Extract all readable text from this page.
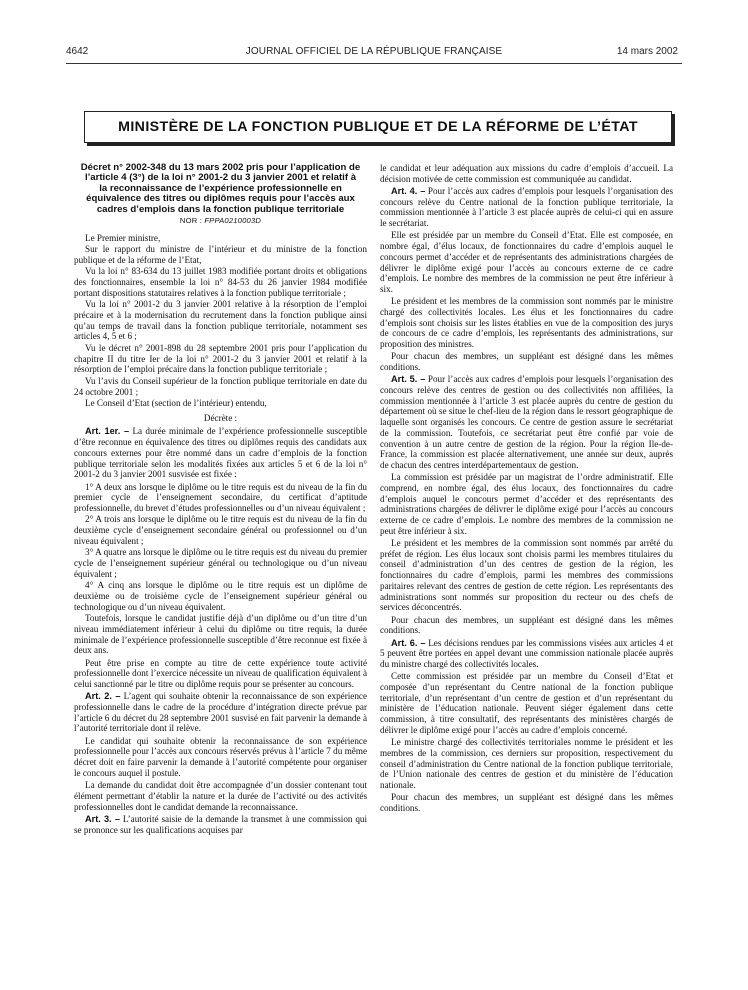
JOURNAL OFFICIEL DE LA RÉPUBLIQUE FRANÇAISE
4642	14 mars 2002
MINISTÈRE DE LA FONCTION PUBLIQUE ET DE LA RÉFORME DE L’ÉTAT
Décret n° 2002-348 du 13 mars 2002 pris pour l’application de l’article 4 (3°) de la loi n° 2001-2 du 3 janvier 2001 et relatif à la reconnaissance de l’expérience professionnelle en équivalence des titres ou diplômes requis pour l’accès aux cadres d’emplois dans la fonction publique territoriale
NOR : FPPA0210003D

Le Premier ministre,

Sur le rapport du ministre de l’intérieur et du ministre de la fonction publique et de la réforme de l’Etat,

Vu la loi n° 83-634 du 13 juillet 1983 modifiée portant droits et obligations des fonctionnaires, ensemble la loi n° 84-53 du 26 janvier 1984 modifiée portant dispositions statutaires relatives à la fonction publique territoriale ;

Vu la loi n° 2001-2 du 3 janvier 2001 relative à la résorption de l’emploi précaire et à la modernisation du recrutement dans la fonction publique ainsi qu’au temps de travail dans la fonction publique territoriale, notamment ses articles 4, 5 et 6 ;

Vu le décret n° 2001-898 du 28 septembre 2001 pris pour l’application du chapitre II du titre Ier de la loi n° 2001-2 du 3 janvier 2001 et relatif à la résorption de l’emploi précaire dans la fonction publique territoriale ;

Vu l’avis du Conseil supérieur de la fonction publique territoriale en date du 24 octobre 2001 ;

Le Conseil d’Etat (section de l’intérieur) entendu,

Décrète :

Art. 1er. – La durée minimale de l’expérience professionnelle susceptible d’être reconnue en équivalence des titres ou diplômes requis des candidats aux concours externes pour être nommé dans un cadre d’emplois de la fonction publique territoriale selon les modalités fixées aux articles 5 et 6 de la loi n° 2001-2 du 3 janvier 2001 susvisée est fixée :

1° A deux ans lorsque le diplôme ou le titre requis est du niveau de la fin du premier cycle de l’enseignement secondaire, du certificat d’aptitude professionnelle, du brevet d’études professionnelles ou d’un niveau équivalent ;

2° A trois ans lorsque le diplôme ou le titre requis est du niveau de la fin du deuxième cycle d’enseignement secondaire général ou professionnel ou d’un niveau équivalent ;

3° A quatre ans lorsque le diplôme ou le titre requis est du niveau du premier cycle de l’enseignement supérieur général ou technologique ou d’un niveau équivalent ;

4° A cinq ans lorsque le diplôme ou le titre requis est un diplôme de deuxième ou de troisième cycle de l’enseignement supérieur général ou technologique ou d’un niveau équivalent.

Toutefois, lorsque le candidat justifie déjà d’un diplôme ou d’un titre d’un niveau immédiatement inférieur à celui du diplôme ou titre requis, la durée minimale de l’expérience professionnelle susceptible d’être reconnue est fixée à deux ans.

Peut être prise en compte au titre de cette expérience toute activité professionnelle dont l’exercice nécessite un niveau de qualification équivalent à celui sanctionné par le titre ou diplôme requis pour se présenter au concours.

Art. 2. – L’agent qui souhaite obtenir la reconnaissance de son expérience professionnelle dans le cadre de la procédure d’intégration directe prévue par l’article 6 du décret du 28 septembre 2001 susvisé en fait parvenir la demande à l’autorité territoriale dont il relève.

Le candidat qui souhaite obtenir la reconnaissance de son expérience professionnelle pour l’accès aux concours réservés prévus à l’article 7 du même décret doit en faire parvenir la demande à l’autorité compétente pour organiser le concours auquel il postule.

La demande du candidat doit être accompagnée d’un dossier contenant tout élément permettant d’établir la nature et la durée de l’activité ou des activités professionnelles dont le candidat demande la reconnaissance.

Art. 3. – L’autorité saisie de la demande la transmet à une commission qui se prononce sur les qualifications acquises par

le candidat et leur adéquation aux missions du cadre d’emplois d’accueil. La décision motivée de cette commission est communiquée au candidat.

Art. 4. – Pour l’accès aux cadres d’emplois pour lesquels l’organisation des concours relève du Centre national de la fonction publique territoriale, la commission mentionnée à l’article 3 est placée auprès de celui-ci qui en assure le secrétariat.

Elle est présidée par un membre du Conseil d’Etat. Elle est composée, en nombre égal, d’élus locaux, de fonctionnaires du cadre d’emplois auquel le concours permet d’accéder et de représentants des administrations chargées de délivrer le diplôme exigé pour l’accès au concours externe de ce cadre d’emplois. Le nombre des membres de la commission ne peut être inférieur à six.

Le président et les membres de la commission sont nommés par le ministre chargé des collectivités locales. Les élus et les fonctionnaires du cadre d’emplois sont choisis sur les listes établies en vue de la composition des jurys de concours de ce cadre d’emplois, les représentants des administrations, sur proposition des ministres.

Pour chacun des membres, un suppléant est désigné dans les mêmes conditions.

Art. 5. – Pour l’accès aux cadres d’emplois pour lesquels l’organisation des concours relève des centres de gestion ou des collectivités non affiliées, la commission mentionnée à l’article 3 est placée auprès du centre de gestion du département où se situe le chef-lieu de la région dans le ressort géographique de laquelle sont organisés les concours. Ce centre de gestion assure le secrétariat de la commission. Toutefois, ce secrétariat peut être confié par voie de convention à un autre centre de gestion de la région. Pour la région Ile-de-France, la commission est placée alternativement, une année sur deux, auprès de chacun des centres interdépartementaux de gestion.

La commission est présidée par un magistrat de l’ordre administratif. Elle comprend, en nombre égal, des élus locaux, des fonctionnaires du cadre d’emplois auquel le concours permet d’accéder et des représentants des administrations chargées de délivrer le diplôme exigé pour l’accès au concours externe de ce cadre d’emplois. Le nombre des membres de la commission ne peut être inférieur à six.

Le président et les membres de la commission sont nommés par arrêté du préfet de région. Les élus locaux sont choisis parmi les membres titulaires du conseil d’administration d’un des centres de gestion de la région, les fonctionnaires du cadre d’emplois, parmi les membres des commissions paritaires relevant des centres de gestion de cette région. Les représentants des administrations sont nommés sur proposition du recteur ou des chefs de services déconcentrés.

Pour chacun des membres, un suppléant est désigné dans les mêmes conditions.

Art. 6. – Les décisions rendues par les commissions visées aux articles 4 et 5 peuvent être portées en appel devant une commission nationale placée auprès du ministre chargé des collectivités locales.

Cette commission est présidée par un membre du Conseil d’Etat et composée d’un représentant du Centre national de la fonction publique territoriale, d’un représentant d’un centre de gestion et d’un représentant du ministère de l’éducation nationale. Peuvent siéger également dans cette commission, à titre consultatif, des représentants des ministères chargés de délivrer le diplôme exigé pour l’accès au cadre d’emplois concerné.

Le ministre chargé des collectivités territoriales nomme le président et les membres de la commission, ces derniers sur proposition, respectivement du conseil d’administration du Centre national de la fonction publique territoriale, de l’Union nationale des centres de gestion et du ministère de l’éducation nationale.

Pour chacun des membres, un suppléant est désigné dans les mêmes conditions.
